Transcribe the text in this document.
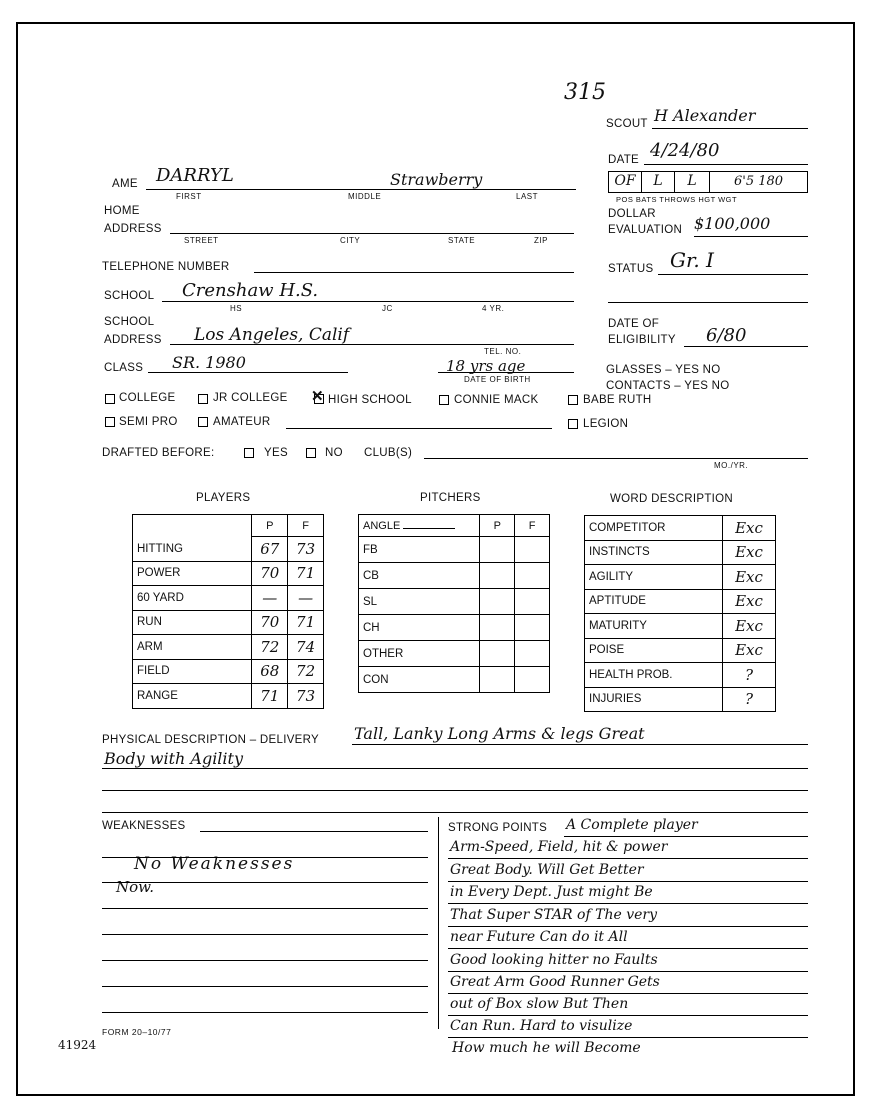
315
SCOUT H Alexander
DATE 4/24/80
AME DARRYL	Strawberry
FIRST	MIDDLE	LAST
OF	L	L	6'5 180
POS BATS THROWS HGT WGT
HOME
ADDRESS
STREET	CITY	STATE	ZIP
DOLLAR
EVALUATION $100,000
TELEPHONE NUMBER	STATUS Gr. I
SCHOOL Crenshaw H.S.
HS	JC	4 YR.
SCHOOL
ADDRESS Los Angeles, Calif
TEL. NO.
DATE OF
ELIGIBILITY 6/80
CLASS SR. 1980	18 yrs age
DATE OF BIRTH
GLASSES – YES NO
CONTACTS – YES NO
COLLEGE	JR COLLEGE ✕ HIGH SCHOOL	CONNIE MACK	BABE RUTH
SEMI PRO	AMATEUR	LEGION
DRAFTED BEFORE:	YES	NO CLUB(S)
MO./YR.
PLAYERS	PITCHERS	WORD DESCRIPTION
	P	F
HITTING	67	73
POWER	70	71
60 YARD	—	—
RUN	70	71
ARM	72	74
FIELD	68	72
RANGE	71	73
ANGLE	P	F
FB		
CB		
SL		
CH		
OTHER		
CON		
COMPETITOR	Exc
INSTINCTS	Exc
AGILITY	Exc
APTITUDE	Exc
MATURITY	Exc
POISE	Exc
HEALTH PROB.	?
INJURIES	?
PHYSICAL DESCRIPTION – DELIVERY Tall, Lanky Long Arms & legs Great
Body with Agility
WEAKNESSES
No Weaknesses
Now.
STRONG POINTS A Complete player
Arm-Speed, Field, hit & power
Great Body. Will Get Better
in Every Dept. Just might Be
That Super STAR of The very
near Future Can do it All
Good looking hitter no Faults
Great Arm Good Runner Gets
out of Box slow But Then
Can Run. Hard to visulize
How much he will Become
FORM 20–10/77
41924
